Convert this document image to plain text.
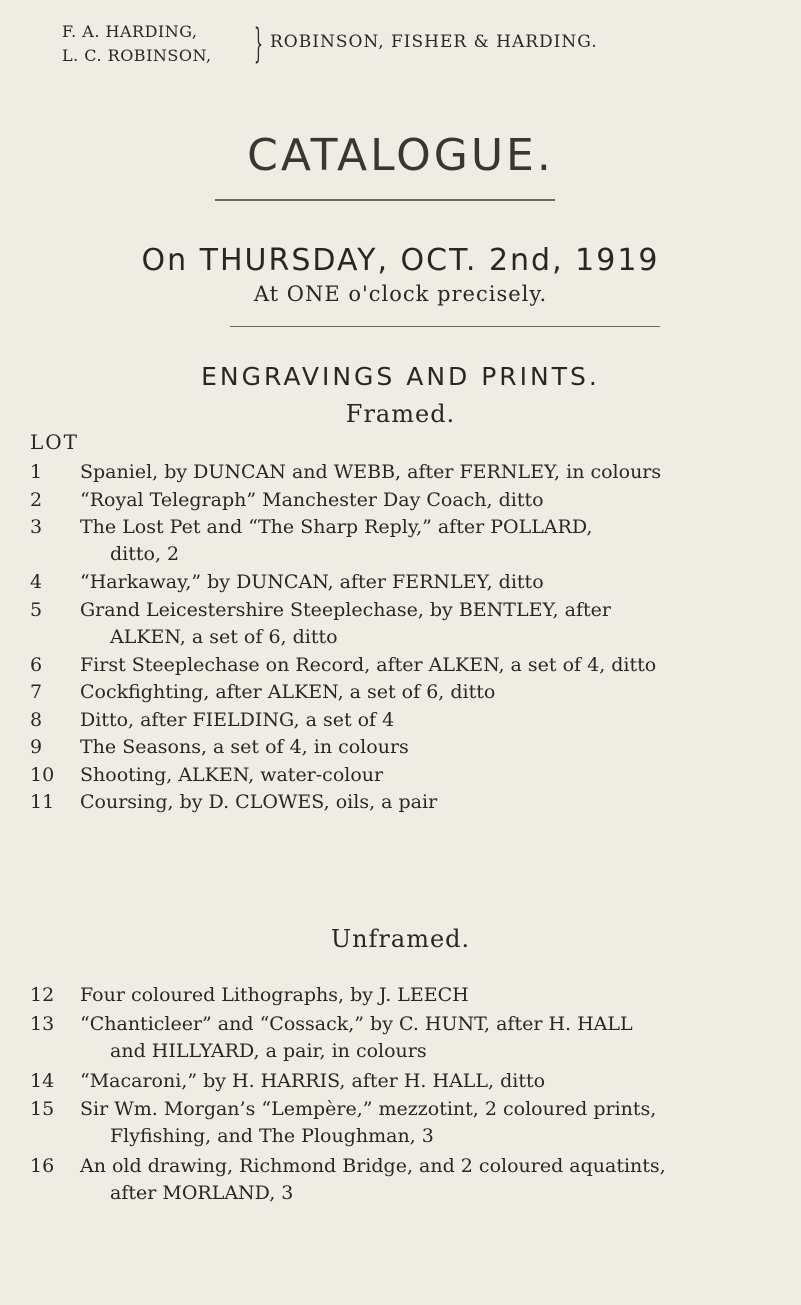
F. A. HARDING,
L. C. ROBINSON, } ROBINSON, FISHER & HARDING.
CATALOGUE.
On THURSDAY, OCT. 2nd, 1919
At ONE o'clock precisely.
ENGRAVINGS AND PRINTS.
Framed.
LOT
1	Spaniel, by DUNCAN and WEBB, after FERNLEY, in colours
2	“Royal Telegraph” Manchester Day Coach, ditto
3	The Lost Pet and “The Sharp Reply,” after POLLARD,
ditto, 2
4	“Harkaway,” by DUNCAN, after FERNLEY, ditto
5	Grand Leicestershire Steeplechase, by BENTLEY, after
ALKEN, a set of 6, ditto
6	First Steeplechase on Record, after ALKEN, a set of 4, ditto
7	Cockfighting, after ALKEN, a set of 6, ditto
8	Ditto, after FIELDING, a set of 4
9	The Seasons, a set of 4, in colours
10	Shooting, ALKEN, water-colour
11	Coursing, by D. CLOWES, oils, a pair
Unframed.
12	Four coloured Lithographs, by J. LEECH
13	“Chanticleer” and “Cossack,” by C. HUNT, after H. HALL
and HILLYARD, a pair, in colours
14	“Macaroni,” by H. HARRIS, after H. HALL, ditto
15	Sir Wm. Morgan’s “Lempère,” mezzotint, 2 coloured prints,
Flyfishing, and The Ploughman, 3
16	An old drawing, Richmond Bridge, and 2 coloured aquatints,
after MORLAND, 3
